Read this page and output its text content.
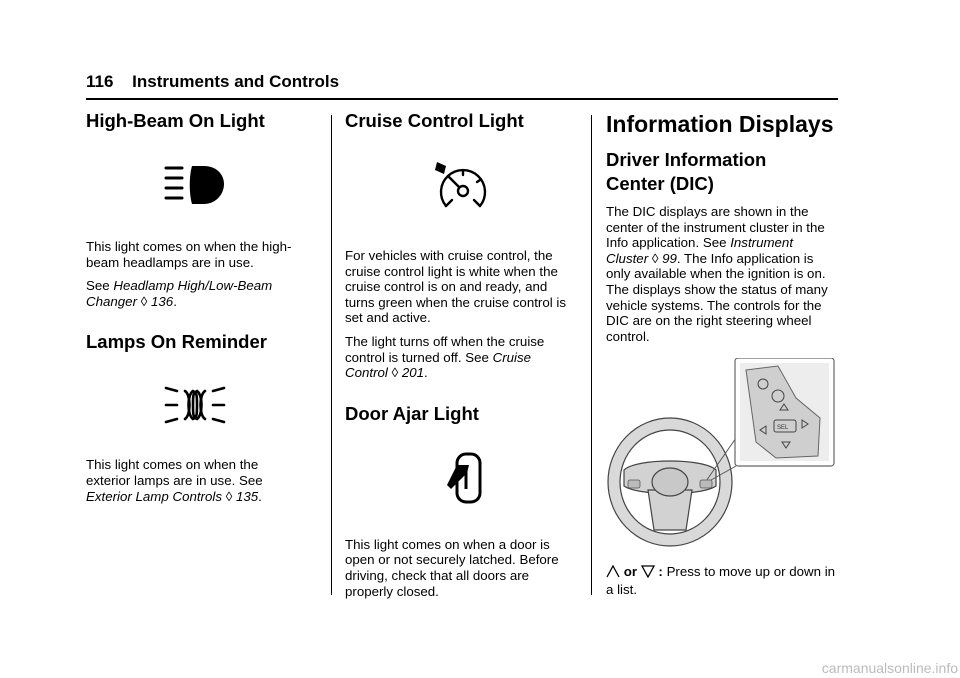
116 Instruments and Controls
High-Beam On Light

This light comes on when the high-beam headlamps are in use.

See Headlamp High/Low-Beam Changer ◊ 136.

Lamps On Reminder

This light comes on when the exterior lamps are in use. See Exterior Lamp Controls ◊ 135.

Cruise Control Light

For vehicles with cruise control, the cruise control light is white when the cruise control is on and ready, and turns green when the cruise control is set and active.

The light turns off when the cruise control is turned off. See Cruise Control ◊ 201.

Door Ajar Light

This light comes on when a door is open or not securely latched. Before driving, check that all doors are properly closed.

Information Displays
Driver Information Center (DIC)

The DIC displays are shown in the center of the instrument cluster in the Info application. See Instrument Cluster ◊ 99. The Info application is only available when the ignition is on. The displays show the status of many vehicle systems. The controls for the DIC are on the right steering wheel control.

SEL

or : Press to move up or down in a list.

carmanualsonline.info
